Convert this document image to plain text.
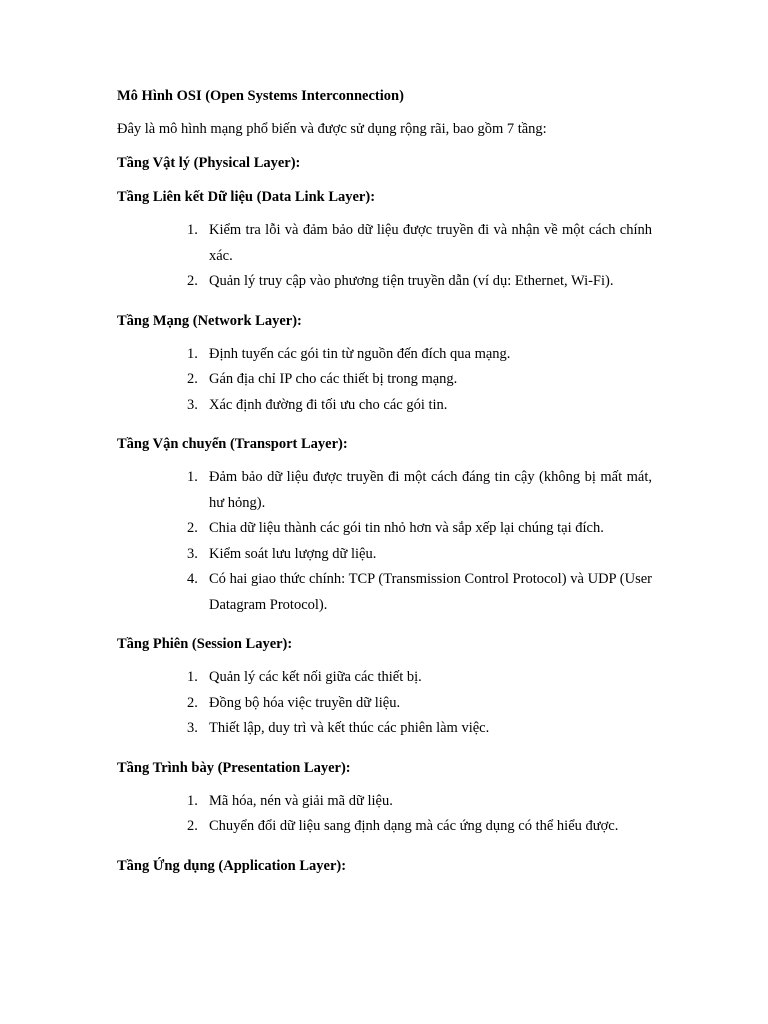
Mô Hình OSI (Open Systems Interconnection)

Đây là mô hình mạng phổ biến và được sử dụng rộng rãi, bao gồm 7 tầng:

Tầng Vật lý (Physical Layer):

Tầng Liên kết Dữ liệu (Data Link Layer):

1. Kiểm tra lỗi và đảm bảo dữ liệu được truyền đi và nhận về một cách chính xác.
2. Quản lý truy cập vào phương tiện truyền dẫn (ví dụ: Ethernet, Wi-Fi).

Tầng Mạng (Network Layer):

1. Định tuyến các gói tin từ nguồn đến đích qua mạng.
2. Gán địa chỉ IP cho các thiết bị trong mạng.
3. Xác định đường đi tối ưu cho các gói tin.

Tầng Vận chuyển (Transport Layer):

1. Đảm bảo dữ liệu được truyền đi một cách đáng tin cậy (không bị mất mát, hư hỏng).
2. Chia dữ liệu thành các gói tin nhỏ hơn và sắp xếp lại chúng tại đích.
3. Kiểm soát lưu lượng dữ liệu.
4. Có hai giao thức chính: TCP (Transmission Control Protocol) và UDP (User Datagram Protocol).

Tầng Phiên (Session Layer):

1. Quản lý các kết nối giữa các thiết bị.
2. Đồng bộ hóa việc truyền dữ liệu.
3. Thiết lập, duy trì và kết thúc các phiên làm việc.

Tầng Trình bày (Presentation Layer):

1. Mã hóa, nén và giải mã dữ liệu.
2. Chuyển đổi dữ liệu sang định dạng mà các ứng dụng có thể hiểu được.

Tầng Ứng dụng (Application Layer):
